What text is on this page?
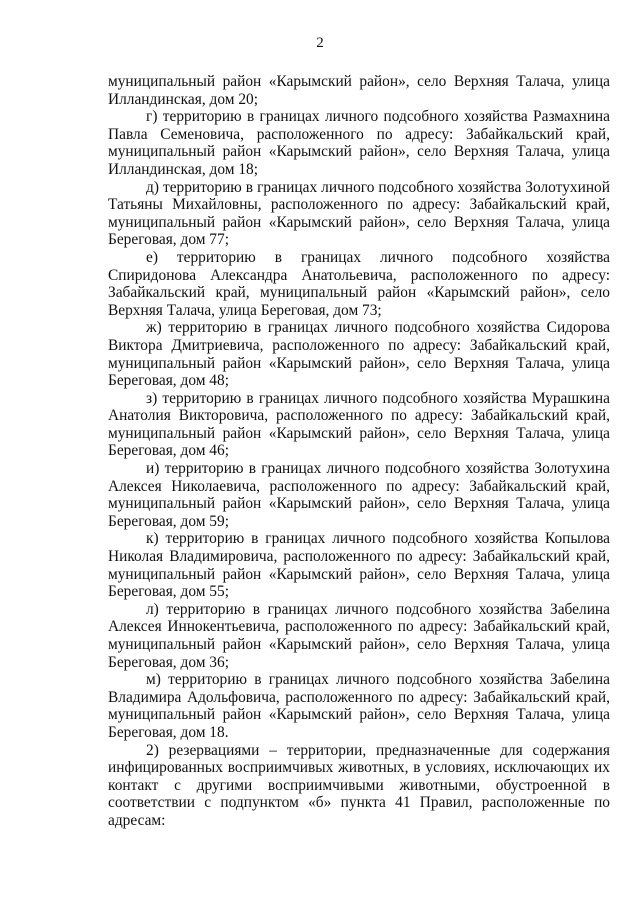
2

муниципальный район «Карымский район», село Верхняя Талача, улица Илландинская, дом 20;

г) территорию в границах личного подсобного хозяйства Размахнина Павла Семеновича, расположенного по адресу: Забайкальский край, муниципальный район «Карымский район», село Верхняя Талача, улица Илландинская, дом 18;

д) территорию в границах личного подсобного хозяйства Золотухиной Татьяны Михайловны, расположенного по адресу: Забайкальский край, муниципальный район «Карымский район», село Верхняя Талача, улица Береговая, дом 77;

е) территорию в границах личного подсобного хозяйства Спиридонова Александра Анатольевича, расположенного по адресу: Забайкальский край, муниципальный район «Карымский район», село Верхняя Талача, улица Береговая, дом 73;

ж) территорию в границах личного подсобного хозяйства Сидорова Виктора Дмитриевича, расположенного по адресу: Забайкальский край, муниципальный район «Карымский район», село Верхняя Талача, улица Береговая, дом 48;

з) территорию в границах личного подсобного хозяйства Мурашкина Анатолия Викторовича, расположенного по адресу: Забайкальский край, муниципальный район «Карымский район», село Верхняя Талача, улица Береговая, дом 46;

и) территорию в границах личного подсобного хозяйства Золотухина Алексея Николаевича, расположенного по адресу: Забайкальский край, муниципальный район «Карымский район», село Верхняя Талача, улица Береговая, дом 59;

к) территорию в границах личного подсобного хозяйства Копылова Николая Владимировича, расположенного по адресу: Забайкальский край, муниципальный район «Карымский район», село Верхняя Талача, улица Береговая, дом 55;

л) территорию в границах личного подсобного хозяйства Забелина Алексея Иннокентьевича, расположенного по адресу: Забайкальский край, муниципальный район «Карымский район», село Верхняя Талача, улица Береговая, дом 36;

м) территорию в границах личного подсобного хозяйства Забелина Владимира Адольфовича, расположенного по адресу: Забайкальский край, муниципальный район «Карымский район», село Верхняя Талача, улица Береговая, дом 18.

2) резервациями – территории, предназначенные для содержания инфицированных восприимчивых животных, в условиях, исключающих их контакт с другими восприимчивыми животными, обустроенной в соответствии с подпунктом «б» пункта 41 Правил, расположенные по адресам:
